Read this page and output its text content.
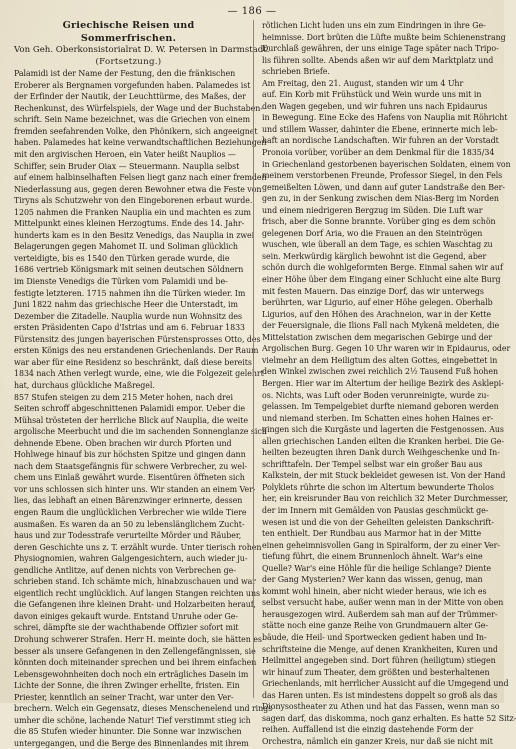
— 186 —
Griechische Reisen und Sommerfrischen.

Von Geh. Oberkonsistorialrat D. W. Petersen in Darmstadt.

(Fortsetzung.)

Palamidi ist der Name der Festung, den die fränkischen
Eroberer als Bergnamen vorgefunden haben. Palamedes ist
der Erfinder der Nautik, der Leuchttürme, des Maßes, der
Rechenkunst, des Würfelspiels, der Wage und der Buchstaben-
schrift. Sein Name bezeichnet, was die Griechen von einem
fremden seefahrenden Volke, den Phönikern, sich angeeignet
haben. Palamedes hat keine verwandtschaftlichen Beziehungen
mit den argivischen Heroen, ein Vater heißt Nauplios —
Schiffer, sein Bruder Oiax — Steuermann. Nauplia selbst
auf einem halbinselhaften Felsen liegt ganz nach einer fremden
Niederlassung aus, gegen deren Bewohner etwa die Feste von
Tiryns als Schutzwehr von den Eingeborenen erbaut wurde.
1205 nahmen die Franken Nauplia ein und machten es zum
Mittelpunkt eines kleinen Herzogtums. Ende des 14. Jahr-
hunderts kam es in den Besitz Venedigs, das Nauplia in zwei
Belagerungen gegen Mahomet II. und Soliman glücklich
verteidigte, bis es 1540 den Türken gerade wurde, die
1686 vertrieb Königsmark mit seinen deutschen Söldnern
im Dienste Venedigs die Türken vom Palamidi und be-
festigte letzteren. 1715 nahmen ihn die Türken wieder. Im
Juni 1822 nahm das griechische Heer die Unterstadt, im
Dezember die Zitadelle. Nauplia wurde nun Wohnsitz des
ersten Präsidenten Capo d'Istrias und am 6. Februar 1833
Fürstensitz des jungen bayerischen Fürstensprosses Otto, des
ersten Königs des neu erstandenen Griechenlands. Der Raum
war aber für eine Residenz so beschränkt, daß diese bereits
1834 nach Athen verlegt wurde, eine, wie die Folgezeit gelehrt
hat, durchaus glückliche Maßregel.
857 Stufen steigen zu dem 215 Meter hohen, nach drei
Seiten schroff abgeschnittenen Palamidi empor. Ueber die
Mühsal trösteten der herrliche Blick auf Nauplia, die weite
argolische Meerbucht und die im sachenden Sonnenglanze sich
dehnende Ebene. Oben brachen wir durch Pforten und
Hohlwege hinauf bis zur höchsten Spitze und gingen dann
nach dem Staatsgefängnis für schwere Verbrecher, zu wel-
chem uns Einlaß gewährt wurde. Eisentüren öffneten sich
vor uns schlossen sich hinter uns. Wir standen an einem Ver-
lies, das lebhaft an einen Bärenzwinger erinnerte, dessen
engen Raum die unglücklichen Verbrecher wie wilde Tiere
ausmaßen. Es waren da an 50 zu lebenslänglichem Zucht-
haus und zur Todesstrafe verurteilte Mörder und Räuber,
deren Geschichte uns z. T. erzählt wurde. Unter tierisch rohen
Physiognomien, wahren Galgengesichtern, auch wieder ju-
gendliche Antlitze, auf denen nichts von Verbrechen ge-
schrieben stand. Ich schämte mich, hinabzuschauen und war
eigentlich recht unglücklich. Auf langen Stangen reichten uns
die Gefangenen ihre kleinen Draht- und Holzarbeiten herauf,
davon einiges gekauft wurde. Entstand Unruhe oder Ge-
schrei, dämpfte sie der wachthabende Offizier sofort mit
Drohung schwerer Strafen. Herr H. meinte doch, sie hätten es
besser als unsere Gefangenen in den Zellengefängnissen, sie
könnten doch miteinander sprechen und bei ihrem einfachen
Lebensgewohnheiten doch noch ein erträgliches Dasein im
Lichte der Sonne, die ihren Zwinger erhellte, fristen. Ein
Priester, kenntlich an seiner Tracht, war unter den Ver-
brechern. Welch ein Gegensatz, dieses Menschenelend und rings
umher die schöne, lachende Natur! Tief verstimmt stieg ich
die 85 Stufen wieder hinunter. Die Sonne war inzwischen
untergegangen, und die Berge des Binnenlandes mit ihrem
rötlichen Licht luden uns ein zum Eindringen in ihre Ge-
heimnisse. Dort brüten die Lüfte mußte beim Schienenstrang
Durchlaß gewähren, der uns einige Tage später nach Tripo-
lis führen sollte. Abends aßen wir auf dem Marktplatz und
schrieben Briefe.
Am Freitag, den 21. August, standen wir um 4 Uhr
auf. Ein Korb mit Frühstück und Wein wurde uns mit in
den Wagen gegeben, und wir fuhren uns nach Epidaurus
in Bewegung. Eine Ecke des Hafens von Nauplia mit Röhricht
und stillem Wasser, dahinter die Ebene, erinnerte mich leb-
haft an nordische Landschaften. Wir fuhren an der Vorstadt
Pronoia vorüber, vorüber an dem Denkmal für die 1835/34
in Griechenland gestorbenen bayerischen Soldaten, einem von
meinem verstorbenen Freunde, Professor Siegel, in den Fels
gemeißelten Löwen, und dann auf guter Landstraße den Ber-
gen zu, in der Senkung zwischen dem Nias-Berg im Norden
und einem niedrigeren Bergzug im Süden. Die Luft war
frisch, aber die Sonne brannte. Vorüber ging es dem schön
gelegenen Dorf Aria, wo die Frauen an den Steintrögen
wuschen, wie überall an dem Tage, es schien Waschtag zu
sein. Merkwürdig kärglich bewohnt ist die Gegend, aber
schön durch die wohlgeformten Berge. Einmal sahen wir auf
einer Höhe über dem Eingang einer Schlucht eine alte Burg
mit festen Mauern. Das einzige Dorf, das wir unterwegs
berührten, war Ligurio, auf einer Höhe gelegen. Oberhalb
Ligurios, auf den Höhen des Arachneion, war in der Kette
der Feuersignale, die Ilions Fall nach Mykenä meldeten, die
Mittelstation zwischen dem megarischen Gebirge und der
Argolischen Burg. Gegen 10 Uhr waren wir in Epidaurus, oder
vielmehr an dem Heiligtum des alten Gottes, eingebettet in
den Winkel zwischen zwei reichlich 2½ Tausend Fuß hohen
Bergen. Hier war im Altertum der heilige Bezirk des Asklepi-
os. Nichts, was Luft oder Boden verunreinigte, wurde zu-
gelassen. Im Tempelgebiet durfte niemand geboren werden
und niemand sterben. Im Schatten eines hohen Haines er-
gingen sich die Kurgäste und lagerten die Festgenossen. Aus
allen griechischen Landen eilten die Kranken herbei. Die Ge-
heilten bezeugten ihren Dank durch Weihgeschenke und In-
schrifttafeln. Der Tempel selbst war ein großer Bau aus
Kalkstein, der mit Stuck bekleidet gewesen ist. Von der Hand
Polyklets rührte die schon im Altertum bewunderte Tholos
her, ein kreisrunder Bau von reichlich 32 Meter Durchmesser,
der im Innern mit Gemälden von Pausias geschmückt ge-
wesen ist und die von der Geheilten geleisten Dankschrift-
ten enthielt. Der Rundbau aus Marmor hat in der Mitte
einen geheimnisvollen Gang in Spiralform, der zu einer Ver-
tiefung führt, die einem Brunnenloch ähnelt. War's eine
Quelle? War's eine Höhle für die heilige Schlange? Diente
der Gang Mysterien? Wer kann das wissen, genug, man
kommt wohl hinein, aber nicht wieder heraus, wie ich es
selbst versucht habe, außer wenn man in der Mitte von oben
herausgezogen wird. Außerdem sah man auf der Trümmer-
stätte noch eine ganze Reihe von Grundmauern alter Ge-
bäude, die Heil- und Sportwecken gedient haben und In-
schriftsteine die Menge, auf denen Krankheiten, Kuren und
Heilmittel angegeben sind. Dort führen (heiligtum) stiegen
wir hinauf zum Theater, dem größten und besterhaltenen
Griechenlands, mit herrlicher Aussicht auf die Umgegend und
das Haren unten. Es ist mindestens doppelt so groß als das
Dionysostheater zu Athen und hat das Fassen, wenn man so
sagen darf, das diskomma, noch ganz erhalten. Es hatte 52 Sitz-
reihen. Auffallend ist die einzig dastehende Form der
Orchestra, nämlich ein ganzer Kreis, nur daß sie nicht mit
